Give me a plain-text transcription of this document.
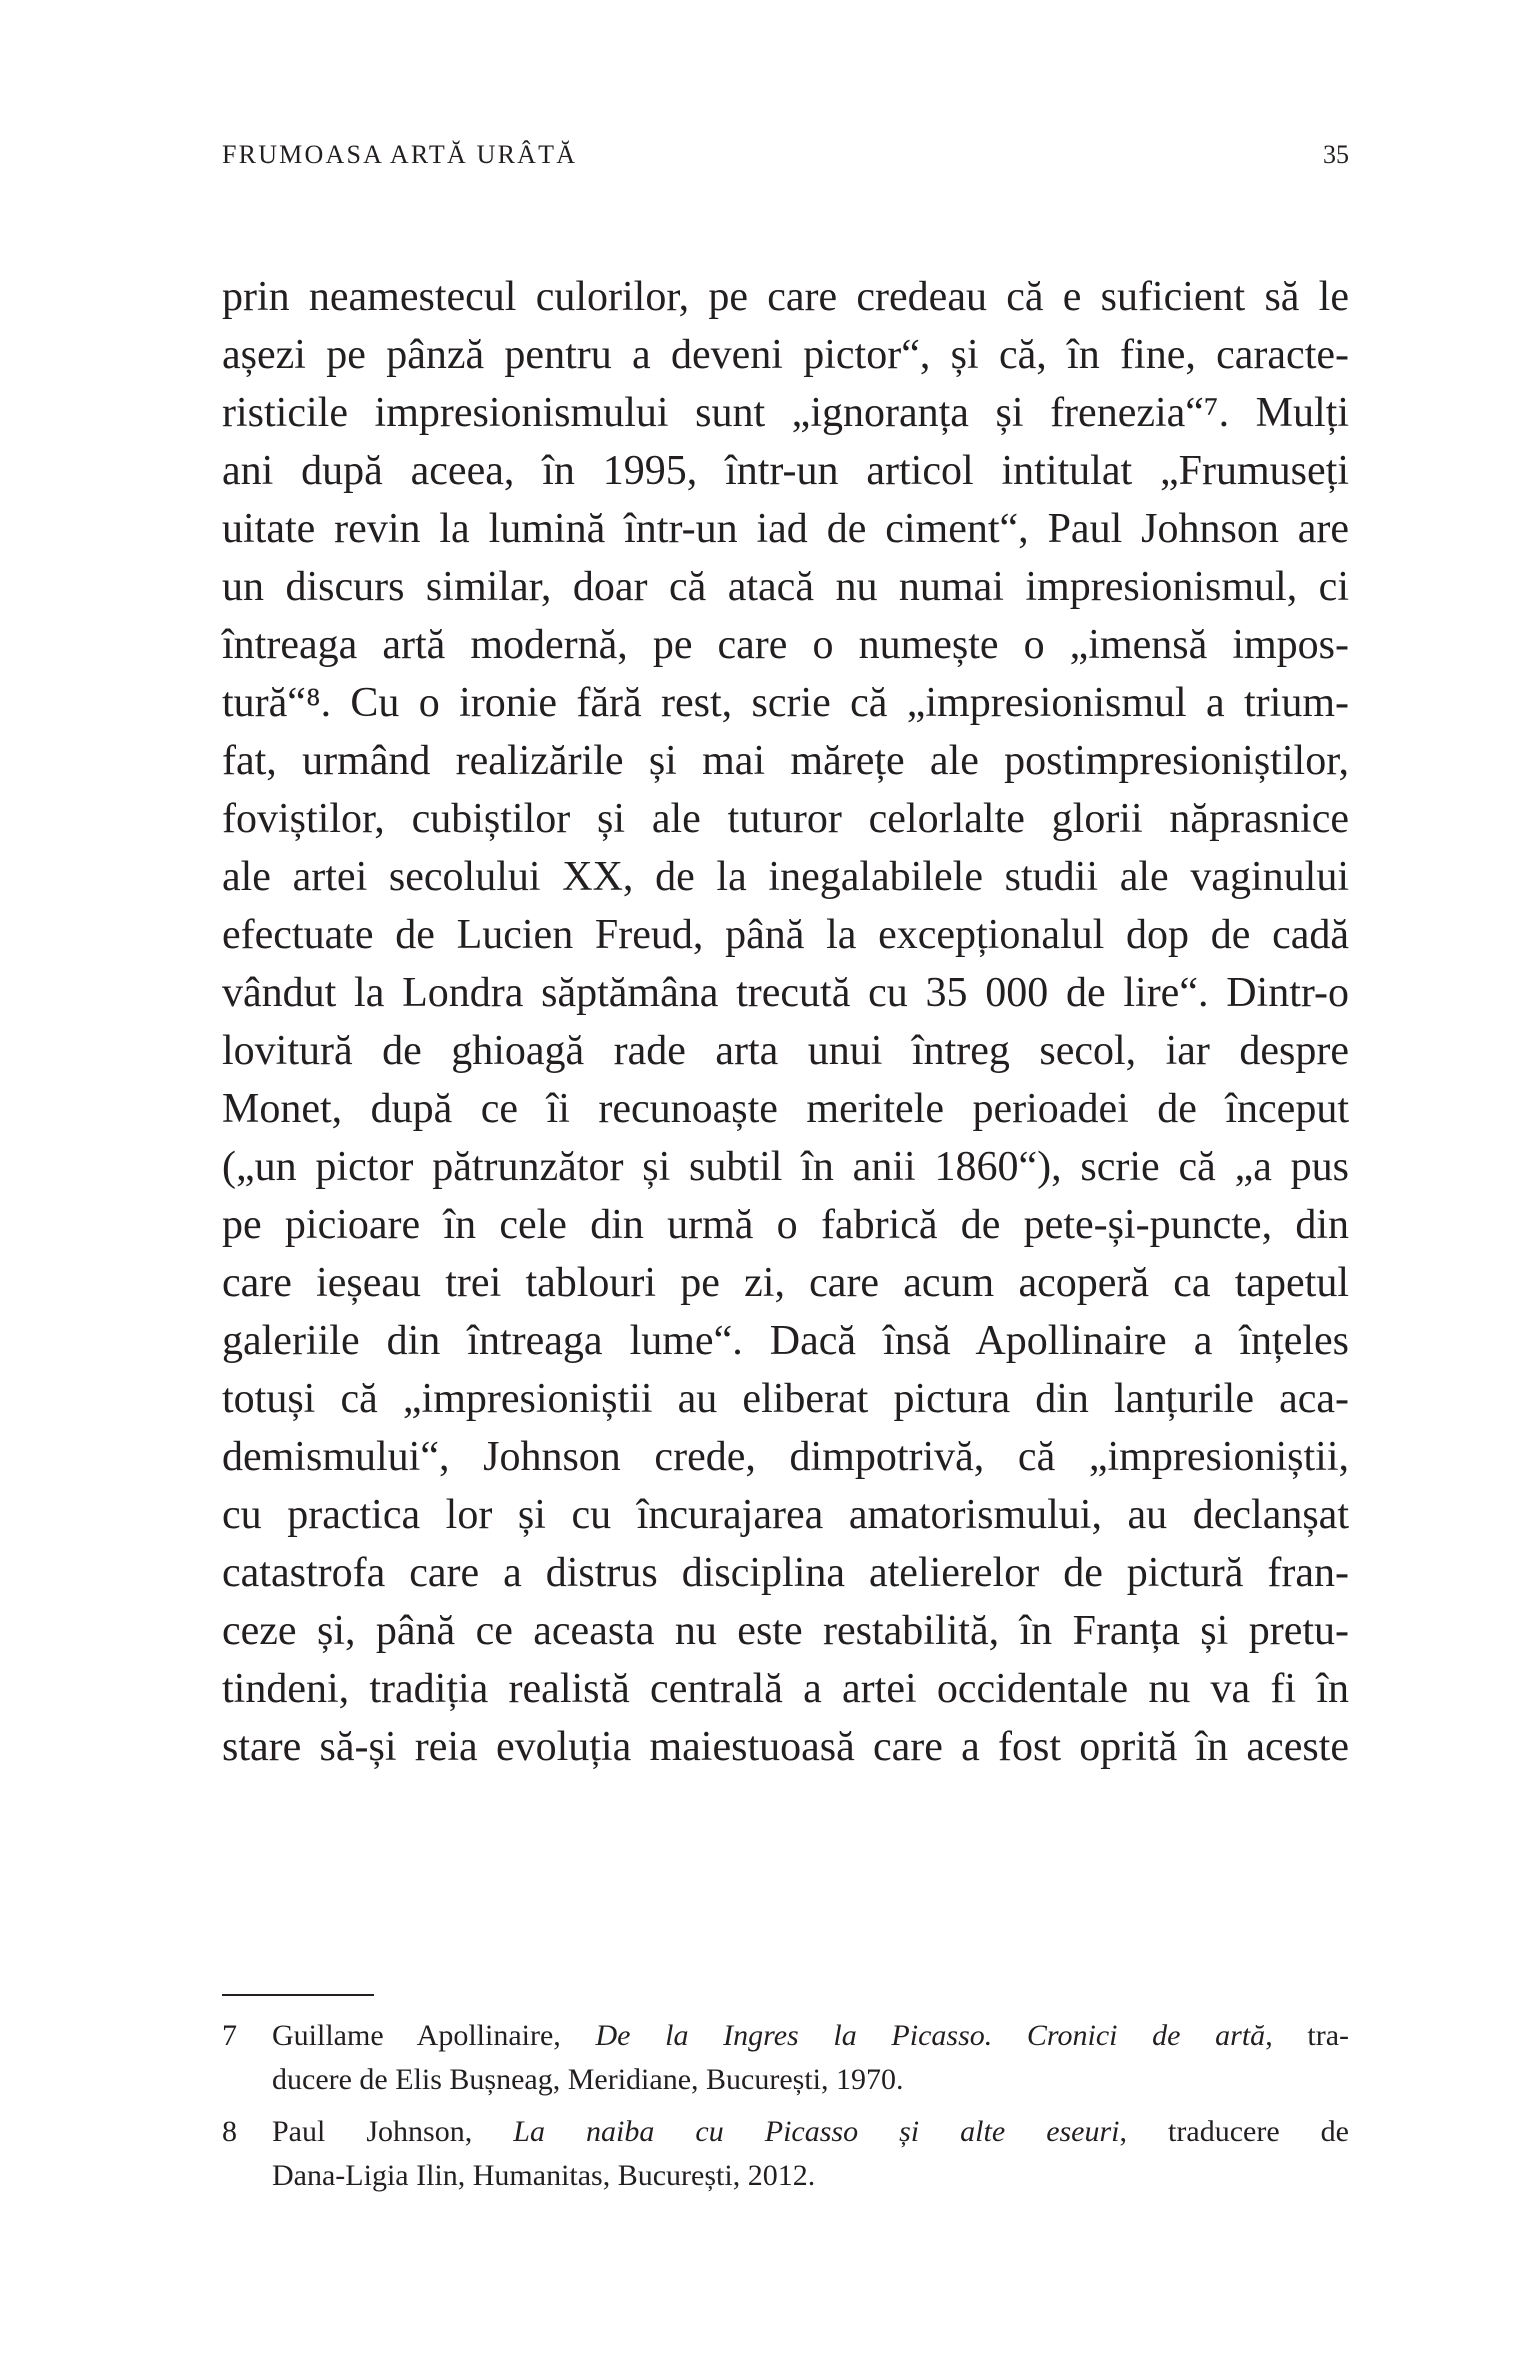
FRUMOASA ARTĂ URÂTĂ	35
prin neamestecul culorilor, pe care credeau că e suficient să le
așezi pe pânză pentru a deveni pictor“, și că, în fine, caracte-
risticile impresionismului sunt „ignoranța și frenezia“⁷. Mulți
ani după aceea, în 1995, într-un articol intitulat „Frumuseți
uitate revin la lumină într-un iad de ciment“, Paul Johnson are
un discurs similar, doar că atacă nu numai impresionismul, ci
întreaga artă modernă, pe care o numește o „imensă impos-
tură“⁸. Cu o ironie fără rest, scrie că „impresionismul a trium-
fat, urmând realizările și mai mărețe ale postimpresioniștilor,
foviștilor, cubiștilor și ale tuturor celorlalte glorii năprasnice
ale artei secolului XX, de la inegalabilele studii ale vaginului
efectuate de Lucien Freud, până la excepționalul dop de cadă
vândut la Londra săptămâna trecută cu 35 000 de lire“. Dintr-o
lovitură de ghioagă rade arta unui întreg secol, iar despre
Monet, după ce îi recunoaște meritele perioadei de început
(„un pictor pătrunzător și subtil în anii 1860“), scrie că „a pus
pe picioare în cele din urmă o fabrică de pete-și-puncte, din
care ieșeau trei tablouri pe zi, care acum acoperă ca tapetul
galeriile din întreaga lume“. Dacă însă Apollinaire a înțeles
totuși că „impresioniștii au eliberat pictura din lanțurile aca-
demismului“, Johnson crede, dimpotrivă, că „impresioniștii,
cu practica lor și cu încurajarea amatorismului, au declanșat
catastrofa care a distrus disciplina atelierelor de pictură fran-
ceze și, până ce aceasta nu este restabilită, în Franța și pretu-
tindeni, tradiția realistă centrală a artei occidentale nu va fi în
stare să-și reia evoluția maiestuoasă care a fost oprită în aceste
7 Guillame Apollinaire, De la Ingres la Picasso. Cronici de artă, tra-
ducere de Elis Bușneag, Meridiane, București, 1970.
8 Paul Johnson, La naiba cu Picasso și alte eseuri, traducere de
Dana-Ligia Ilin, Humanitas, București, 2012.
